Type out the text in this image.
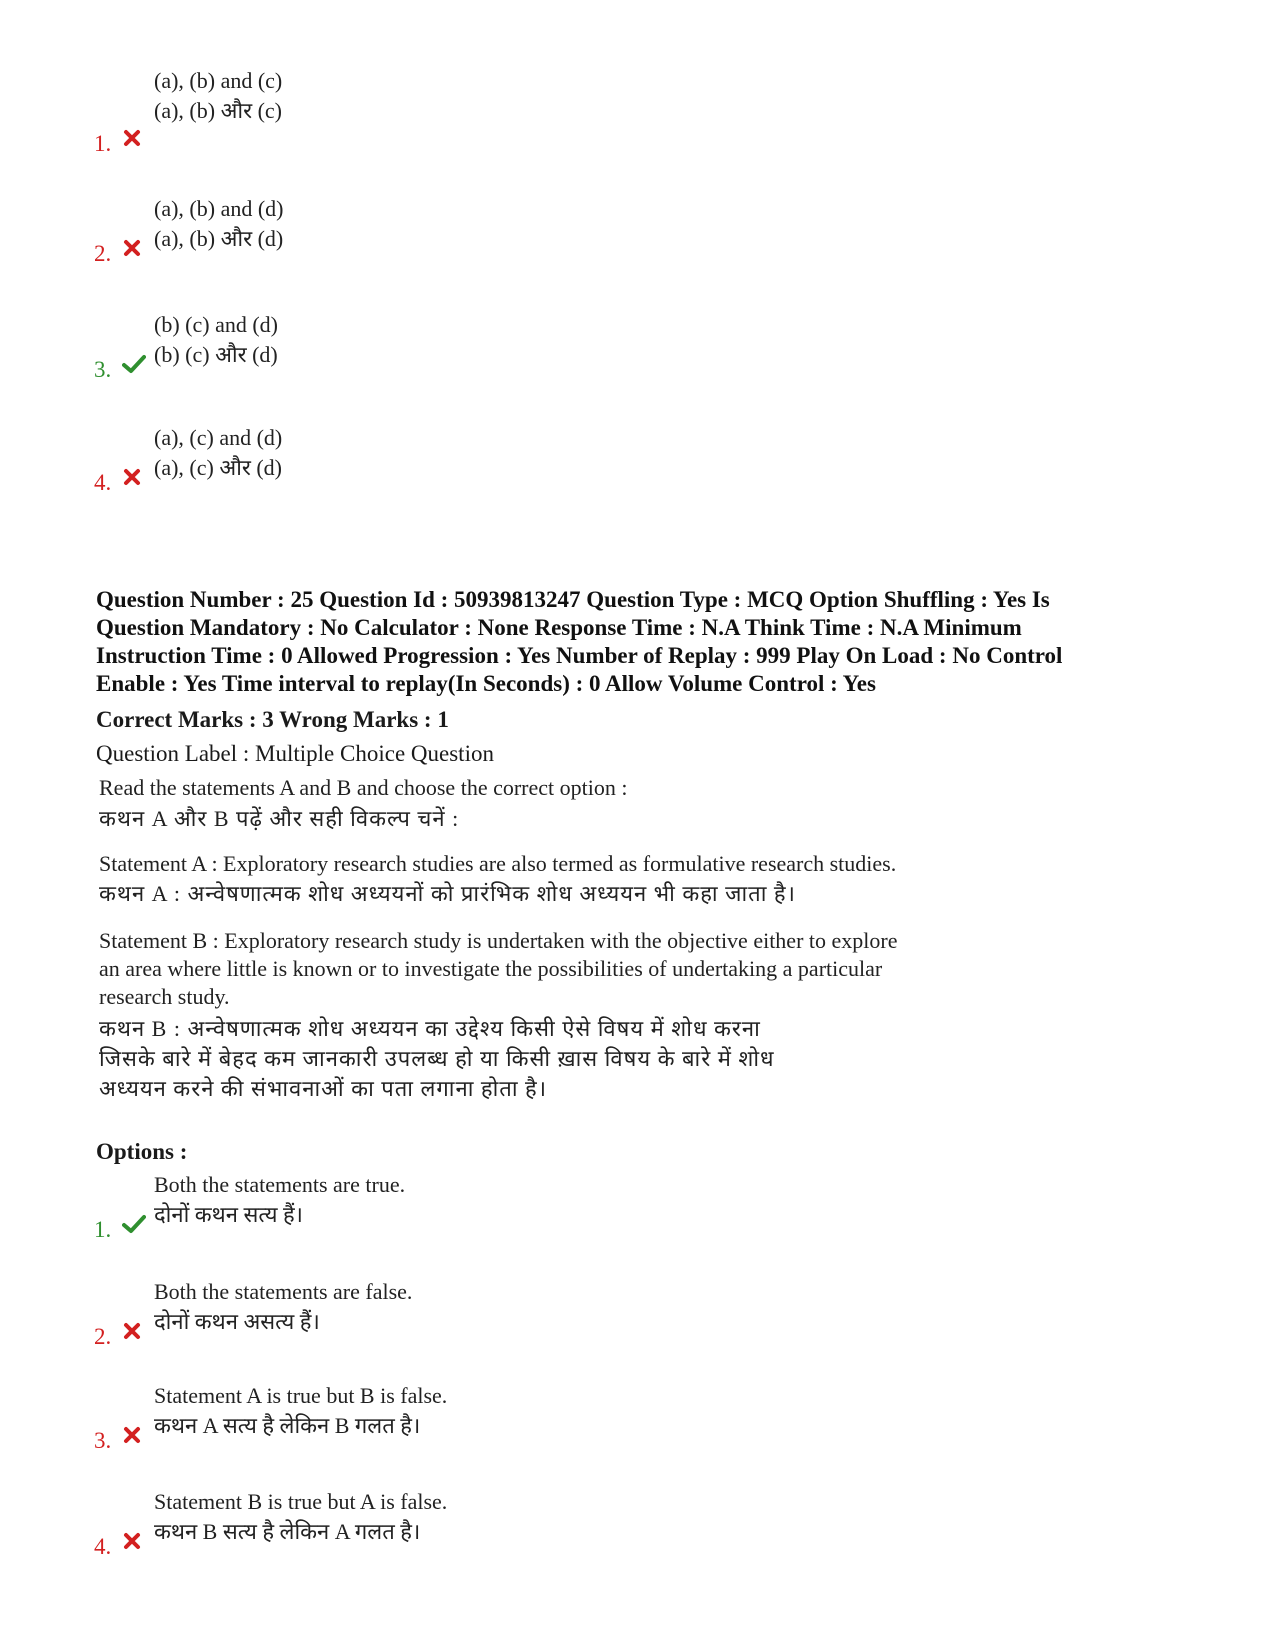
(a), (b) and (c)
(a), (b) और (c)
1.
(a), (b) and (d)
(a), (b) और (d)
2.
(b) (c) and (d)
(b) (c) और (d)
3.
(a), (c) and (d)
(a), (c) और (d)
4.
Question Number : 25 Question Id : 50939813247 Question Type : MCQ Option Shuffling : Yes Is
Question Mandatory : No Calculator : None Response Time : N.A Think Time : N.A Minimum
Instruction Time : 0 Allowed Progression : Yes Number of Replay : 999 Play On Load : No Control
Enable : Yes Time interval to replay(In Seconds) : 0 Allow Volume Control : Yes
Correct Marks : 3 Wrong Marks : 1
Question Label : Multiple Choice Question
Read the statements A and B and choose the correct option :
कथन A और B पढ़ें और सही विकल्प चनें :
Statement A : Exploratory research studies are also termed as formulative research studies.
कथन A : अन्वेषणात्मक शोध अध्ययनों को प्रारंभिक शोध अध्ययन भी कहा जाता है।
Statement B : Exploratory research study is undertaken with the objective either to explore
an area where little is known or to investigate the possibilities of undertaking a particular
research study.
कथन B : अन्वेषणात्मक शोध अध्ययन का उद्देश्य किसी ऐसे विषय में शोध करना
जिसके बारे में बेहद कम जानकारी उपलब्ध हो या किसी ख़ास विषय के बारे में शोध
अध्ययन करने की संभावनाओं का पता लगाना होता है।
Options :
Both the statements are true.
दोनों कथन सत्य हैं।
1.
Both the statements are false.
दोनों कथन असत्य हैं।
2.
Statement A is true but B is false.
कथन A सत्य है लेकिन B गलत है।
3.
Statement B is true but A is false.
कथन B सत्य है लेकिन A गलत है।
4.
